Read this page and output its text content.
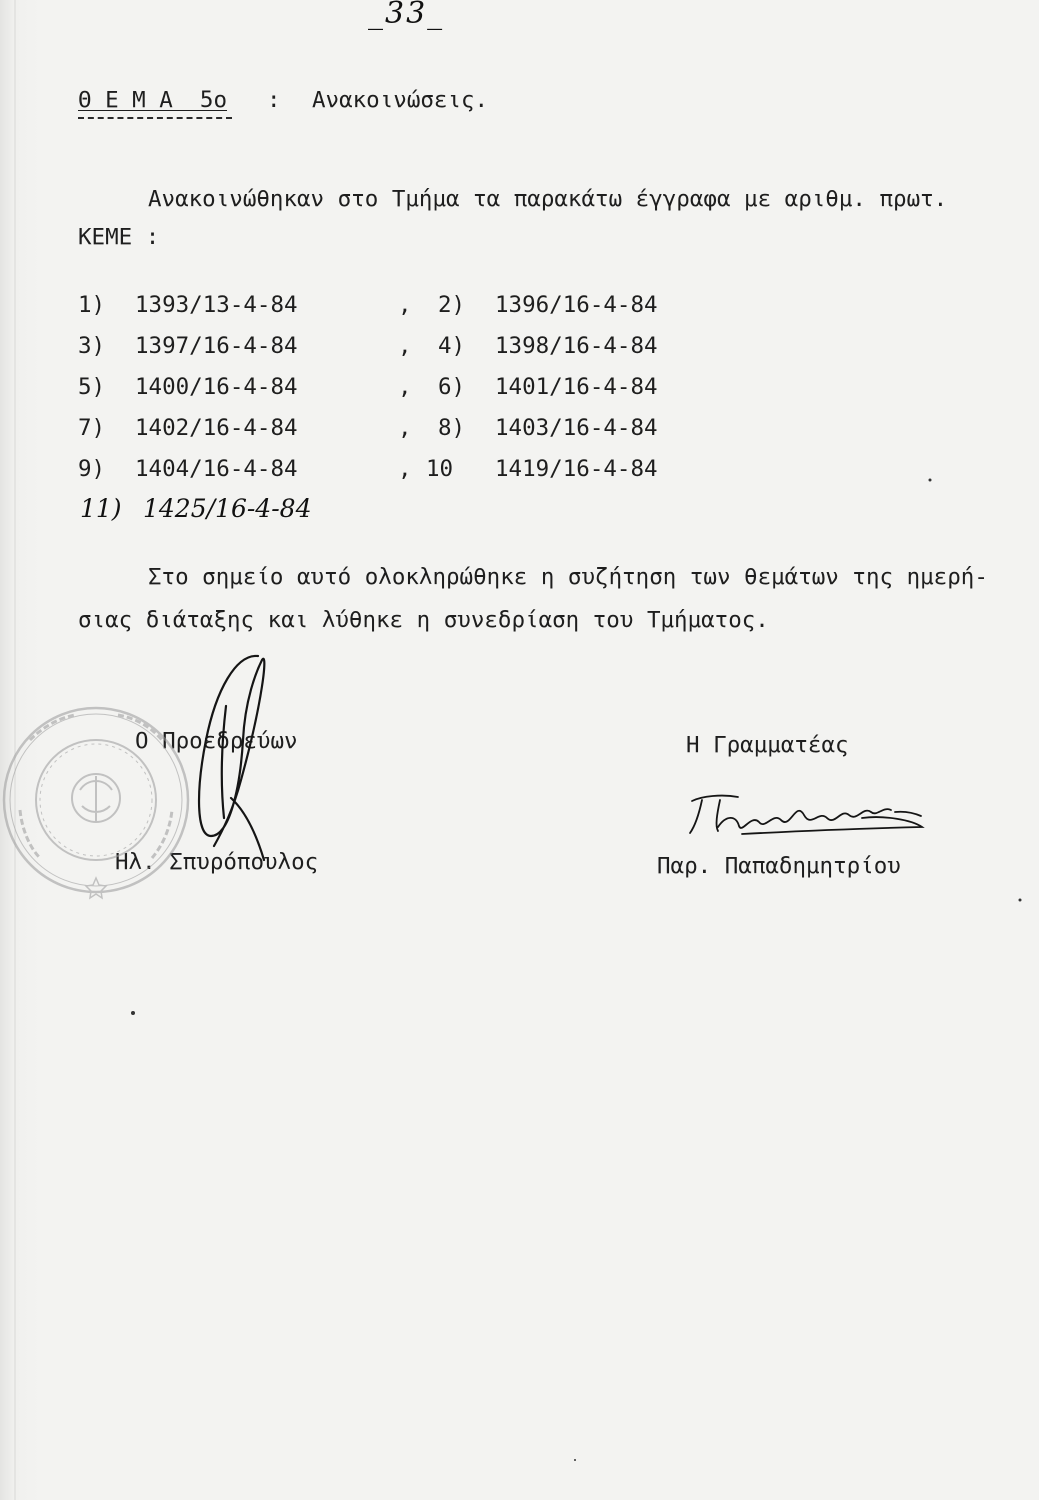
_33_
Θ Ε Μ Α  5ο : Ανακοινώσεις.
Ανακοινώθηκαν στο Τμήμα τα παρακάτω έγγραφα με αριθμ. πρωτ.
ΚΕΜΕ :
1) 1393/13-4-84	, 2) 1396/16-4-84
3) 1397/16-4-84	, 4) 1398/16-4-84
5) 1400/16-4-84	, 6) 1401/16-4-84
7) 1402/16-4-84	, 8) 1403/16-4-84
9) 1404/16-4-84	, 10 1419/16-4-84
11) 1425/16-4-84
Στο σημείο αυτό ολοκληρώθηκε η συζήτηση των θεμάτων της ημερή-
σιας διάταξης και λύθηκε η συνεδρίαση του Τμήματος.
Ο Προεδρεύων
Ηλ. Σπυρόπουλος
Η Γραμματέας
Παρ. Παπαδημητρίου
